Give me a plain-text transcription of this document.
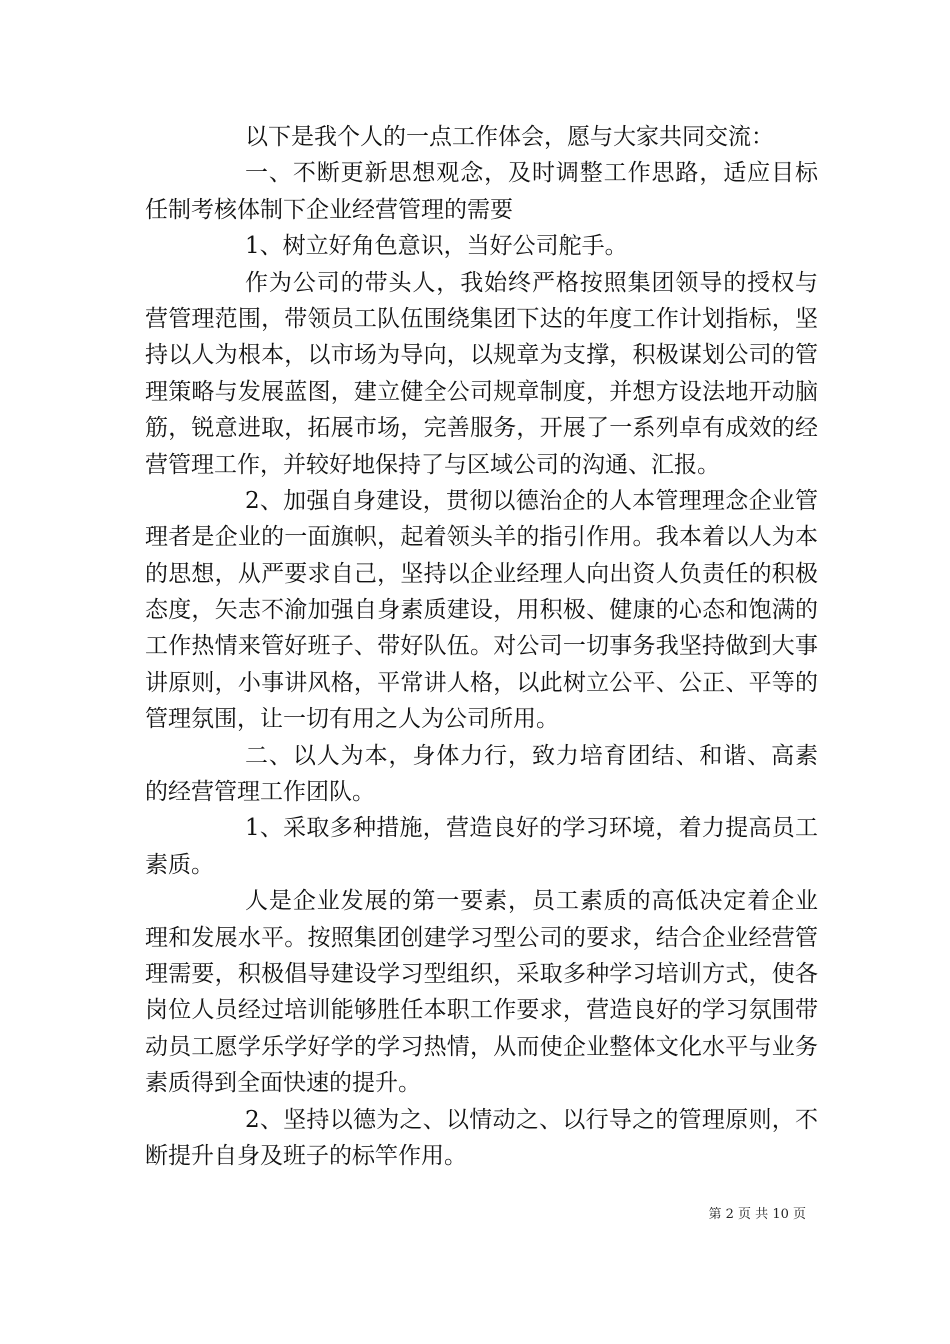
以下是我个人的一点工作体会，愿与大家共同交流：
一、不断更新思想观念，及时调整工作思路，适应目标
任制考核体制下企业经营管理的需要
1、树立好角色意识，当好公司舵手。
作为公司的带头人，我始终严格按照集团领导的授权与
营管理范围，带领员工队伍围绕集团下达的年度工作计划指标，坚
持以人为根本，以市场为导向，以规章为支撑，积极谋划公司的管
理策略与发展蓝图，建立健全公司规章制度，并想方设法地开动脑
筋，锐意进取，拓展市场，完善服务，开展了一系列卓有成效的经
营管理工作，并较好地保持了与区域公司的沟通、汇报。
2、加强自身建设，贯彻以德治企的人本管理理念企业管
理者是企业的一面旗帜，起着领头羊的指引作用。我本着以人为本
的思想，从严要求自己，坚持以企业经理人向出资人负责任的积极
态度，矢志不渝加强自身素质建设，用积极、健康的心态和饱满的
工作热情来管好班子、带好队伍。对公司一切事务我坚持做到大事
讲原则，小事讲风格，平常讲人格，以此树立公平、公正、平等的
管理氛围，让一切有用之人为公司所用。
二、以人为本，身体力行，致力培育团结、和谐、高素
的经营管理工作团队。
1、采取多种措施，营造良好的学习环境，着力提高员工
素质。
人是企业发展的第一要素，员工素质的高低决定着企业
理和发展水平。按照集团创建学习型公司的要求，结合企业经营管
理需要，积极倡导建设学习型组织，采取多种学习培训方式，使各
岗位人员经过培训能够胜任本职工作要求，营造良好的学习氛围带
动员工愿学乐学好学的学习热情，从而使企业整体文化水平与业务
素质得到全面快速的提升。
2、坚持以德为之、以情动之、以行导之的管理原则，不
断提升自身及班子的标竿作用。
第 2 页 共 10 页
